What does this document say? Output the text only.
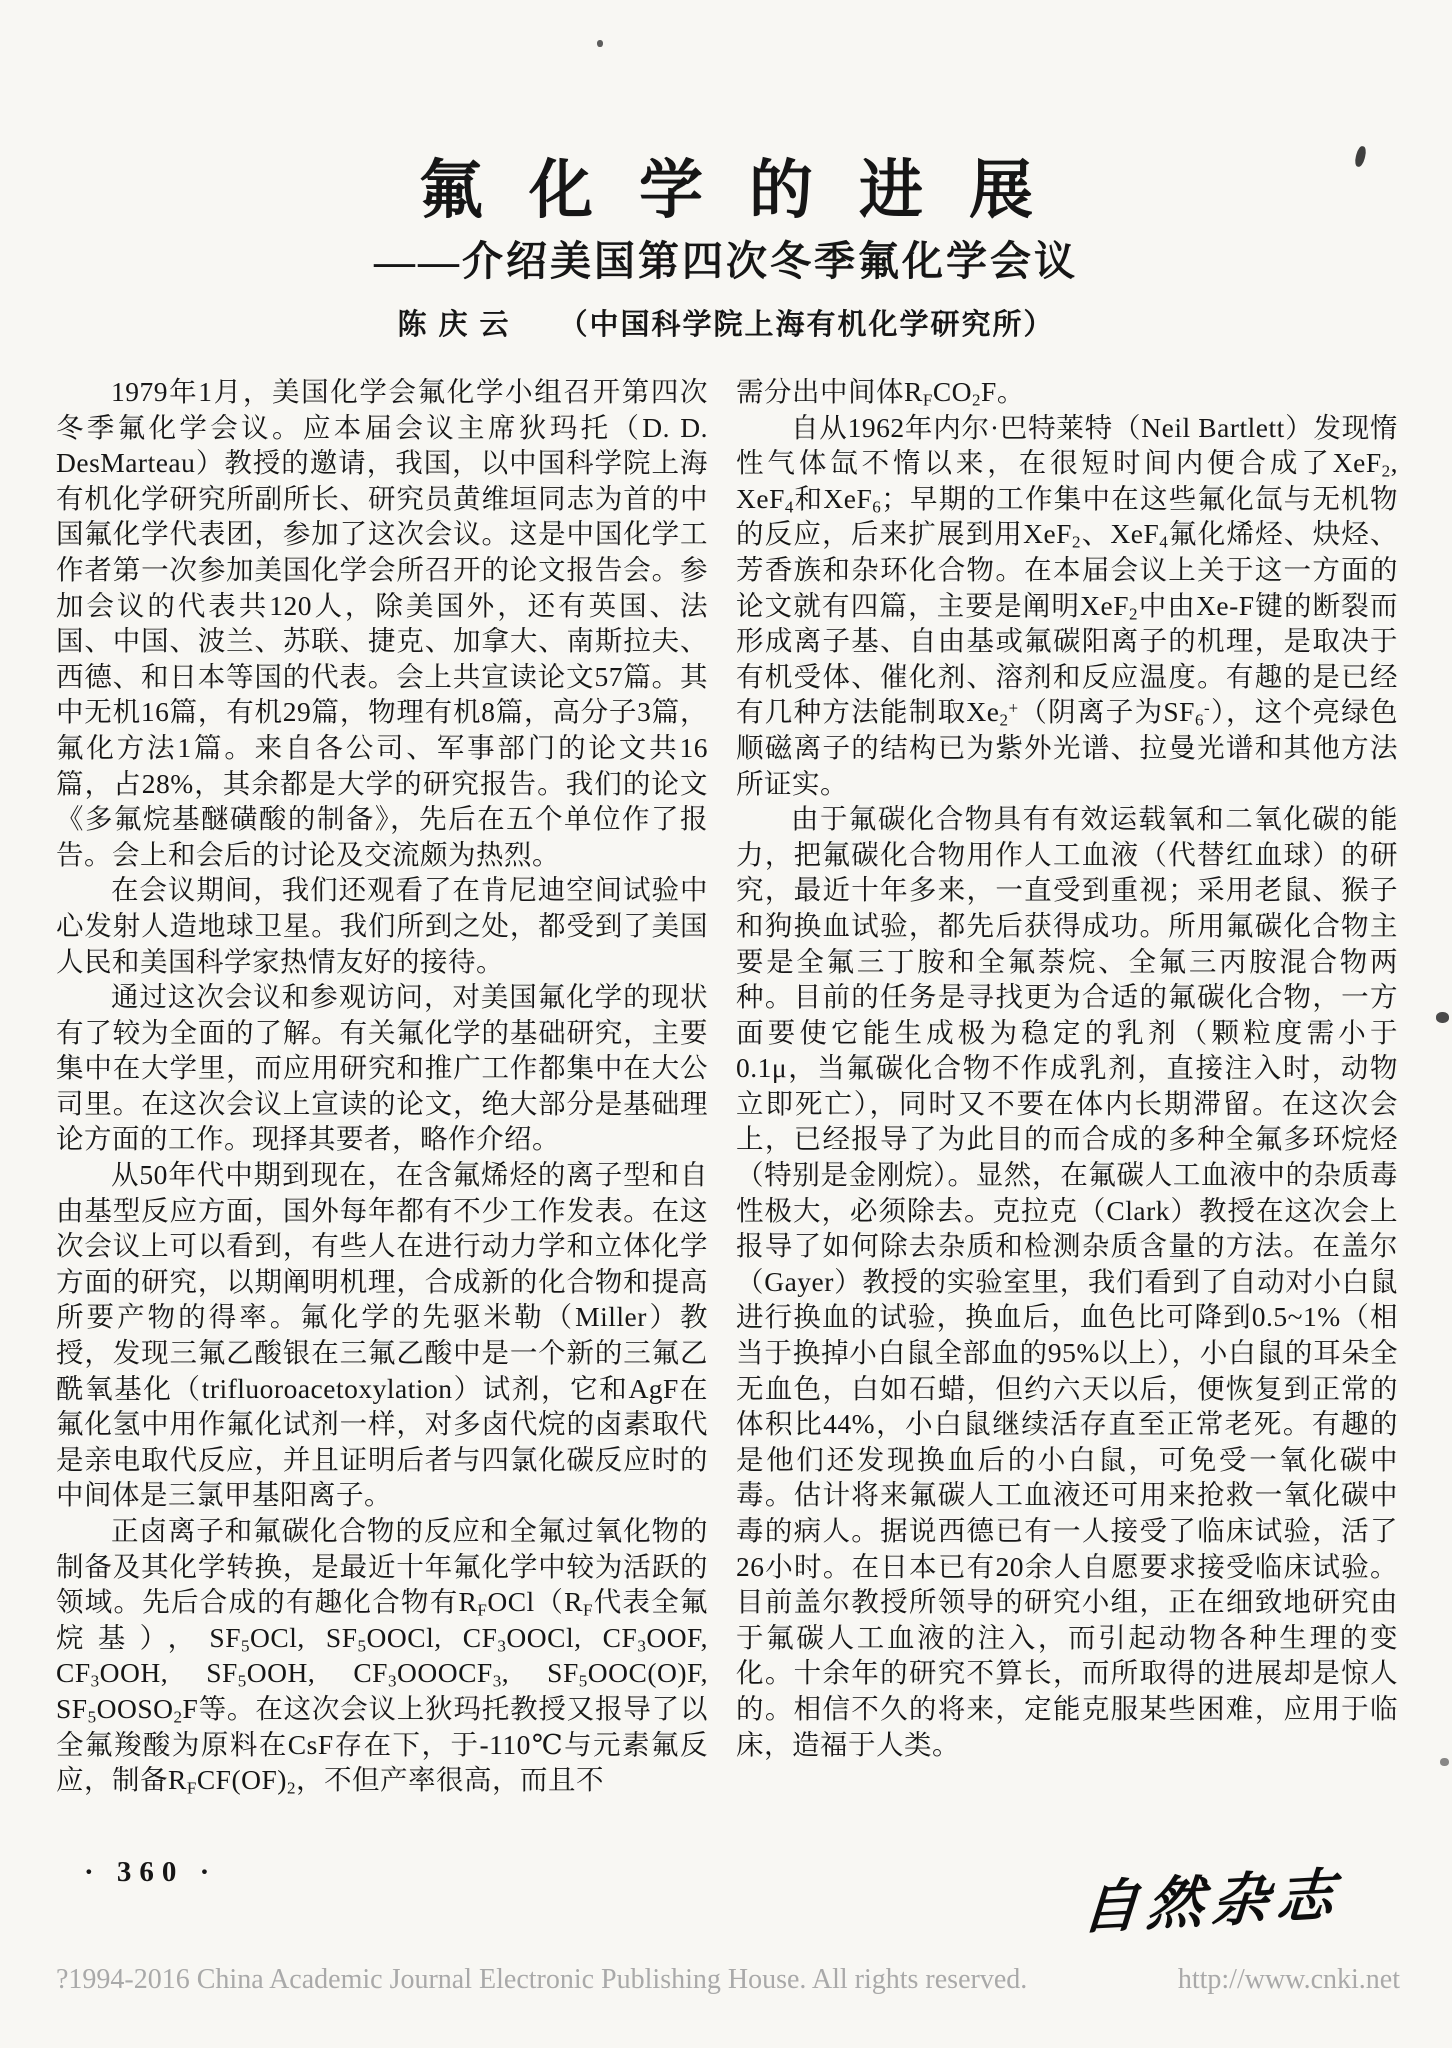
氟化学的进展
——介绍美国第四次冬季氟化学会议
陈庆云 （中国科学院上海有机化学研究所）

1979年1月，美国化学会氟化学小组召开第四次冬季氟化学会议。应本届会议主席狄玛托（D. D. DesMarteau）教授的邀请，我国，以中国科学院上海有机化学研究所副所长、研究员黄维垣同志为首的中国氟化学代表团，参加了这次会议。这是中国化学工作者第一次参加美国化学会所召开的论文报告会。参加会议的代表共120人，除美国外，还有英国、法国、中国、波兰、苏联、捷克、加拿大、南斯拉夫、西德、和日本等国的代表。会上共宣读论文57篇。其中无机16篇，有机29篇，物理有机8篇，高分子3篇，氟化方法1篇。来自各公司、军事部门的论文共16篇，占28%，其余都是大学的研究报告。我们的论文《多氟烷基醚磺酸的制备》，先后在五个单位作了报告。会上和会后的讨论及交流颇为热烈。

在会议期间，我们还观看了在肯尼迪空间试验中心发射人造地球卫星。我们所到之处，都受到了美国人民和美国科学家热情友好的接待。

通过这次会议和参观访问，对美国氟化学的现状有了较为全面的了解。有关氟化学的基础研究，主要集中在大学里，而应用研究和推广工作都集中在大公司里。在这次会议上宣读的论文，绝大部分是基础理论方面的工作。现择其要者，略作介绍。

从50年代中期到现在，在含氟烯烃的离子型和自由基型反应方面，国外每年都有不少工作发表。在这次会议上可以看到，有些人在进行动力学和立体化学方面的研究，以期阐明机理，合成新的化合物和提高所要产物的得率。氟化学的先驱米勒（Miller）教授，发现三氟乙酸银在三氟乙酸中是一个新的三氟乙酰氧基化（trifluoroacetoxylation）试剂，它和AgF在氟化氢中用作氟化试剂一样，对多卤代烷的卤素取代是亲电取代反应，并且证明后者与四氯化碳反应时的中间体是三氯甲基阳离子。

正卤离子和氟碳化合物的反应和全氟过氧化物的制备及其化学转换，是最近十年氟化学中较为活跃的领域。先后合成的有趣化合物有$R_FOCl(R_F$代表全氟烷基），$SF_5OCl$, $SF_5OOCl$, $CF_3OOCl$, $CF_3OOF$, $CF_3OOH$, $SF_5OOH$, $CF_3OOOCF_3$, $SF_5OOC(O)F$, $SF_5OOSO_2F$等。在这次会议上狄玛托教授又报导了以全氟羧酸为原料在CsF存在下，于-110℃与元素氟反应，制备$R_FCF(OF)_2$，不但产率很高，而且不

需分出中间体$R_FCO_2F$。

自从1962年内尔·巴特莱特（Neil Bartlett）发现惰性气体氙不惰以来，在很短时间内便合成了XeF$_2$, XeF$_4$和XeF$_6$；早期的工作集中在这些氟化氙与无机物的反应，后来扩展到用XeF$_2$、XeF$_4$氟化烯烃、炔烃、芳香族和杂环化合物。在本届会议上关于这一方面的论文就有四篇，主要是阐明XeF$_2$中由Xe-F键的断裂而形成离子基、自由基或氟碳阳离子的机理，是取决于有机受体、催化剂、溶剂和反应温度。有趣的是已经有几种方法能制取$Xe_2^+$（阴离子为$SF_6^-$），这个亮绿色顺磁离子的结构已为紫外光谱、拉曼光谱和其他方法所证实。

由于氟碳化合物具有有效运载氧和二氧化碳的能力，把氟碳化合物用作人工血液（代替红血球）的研究，最近十年多来，一直受到重视；采用老鼠、猴子和狗换血试验，都先后获得成功。所用氟碳化合物主要是全氟三丁胺和全氟萘烷、全氟三丙胺混合物两种。目前的任务是寻找更为合适的氟碳化合物，一方面要使它能生成极为稳定的乳剂（颗粒度需小于0.1μ，当氟碳化合物不作成乳剂，直接注入时，动物立即死亡），同时又不要在体内长期滞留。在这次会上，已经报导了为此目的而合成的多种全氟多环烷烃（特别是金刚烷）。显然，在氟碳人工血液中的杂质毒性极大，必须除去。克拉克（Clark）教授在这次会上报导了如何除去杂质和检测杂质含量的方法。在盖尔（Gayer）教授的实验室里，我们看到了自动对小白鼠进行换血的试验，换血后，血色比可降到0.5~1%（相当于换掉小白鼠全部血的95%以上），小白鼠的耳朵全无血色，白如石蜡，但约六天以后，便恢复到正常的体积比44%，小白鼠继续活存直至正常老死。有趣的是他们还发现换血后的小白鼠，可免受一氧化碳中毒。估计将来氟碳人工血液还可用来抢救一氧化碳中毒的病人。据说西德已有一人接受了临床试验，活了26小时。在日本已有20余人自愿要求接受临床试验。目前盖尔教授所领导的研究小组，正在细致地研究由于氟碳人工血液的注入，而引起动物各种生理的变化。十余年的研究不算长，而所取得的进展却是惊人的。相信不久的将来，定能克服某些困难，应用于临床，造福于人类。

· 360 ·	自然杂志
?1994-2016 China Academic Journal Electronic Publishing House. All rights reserved.	http://www.cnki.net
